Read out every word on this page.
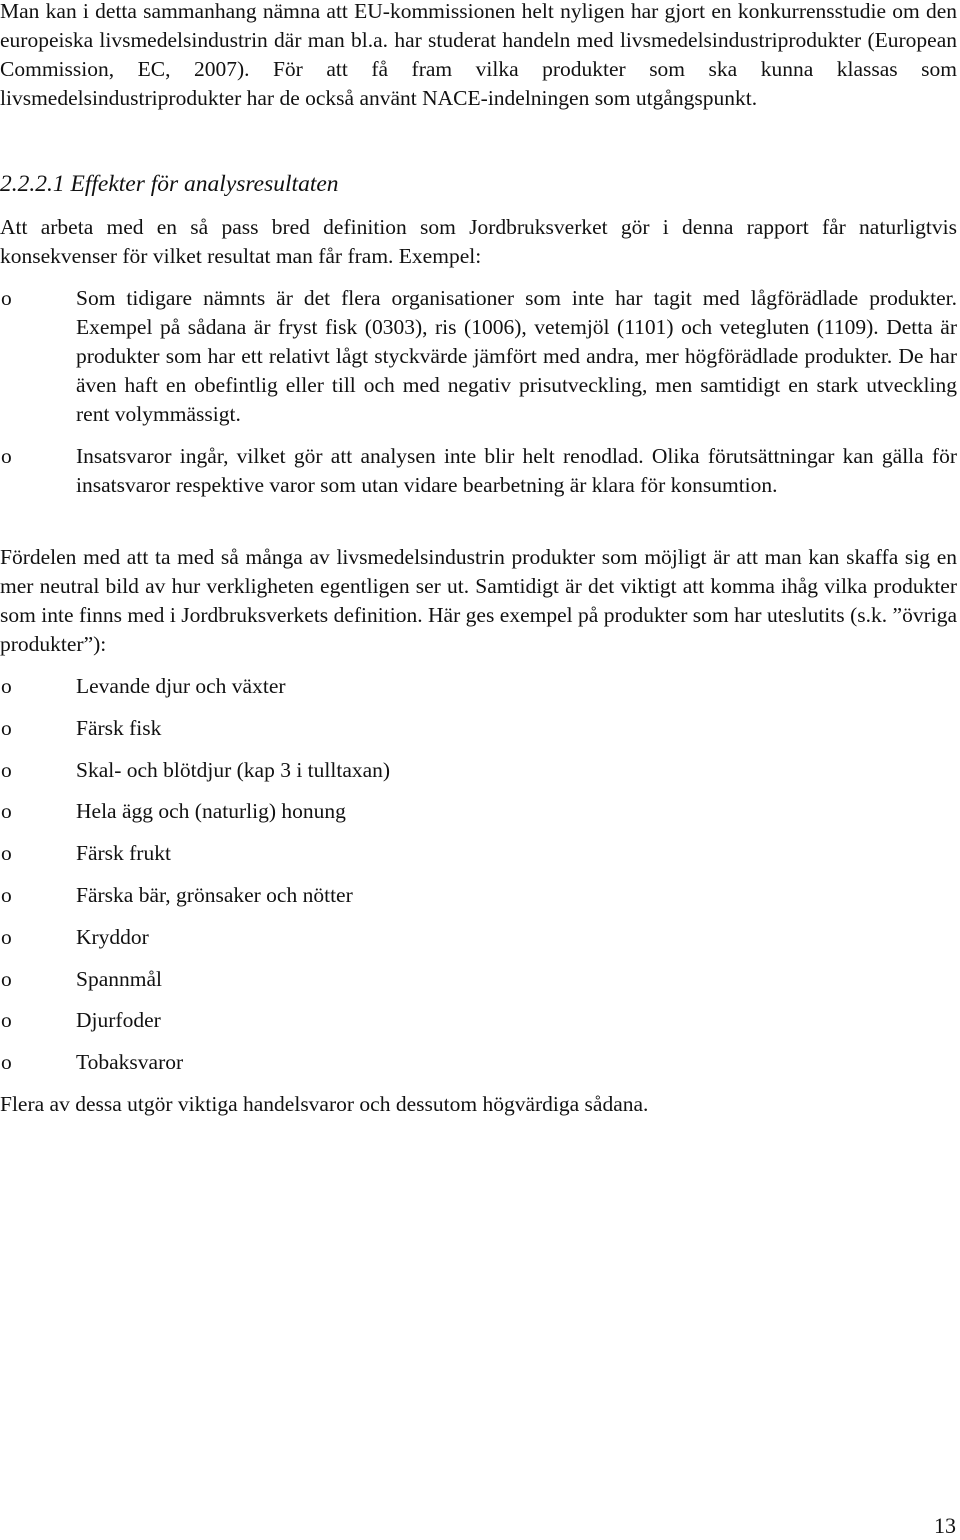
Man kan i detta sammanhang nämna att EU-kommissionen helt nyligen har gjort en konkurrensstudie om den europeiska livsmedelsindustrin där man bl.a. har studerat handeln med livsmedelsindustriprodukter (European Commission, EC, 2007). För att få fram vilka produkter som ska kunna klassas som livsmedelsindustriprodukter har de också använt NACE-indelningen som utgångspunkt.

2.2.2.1 Effekter för analysresultaten

Att arbeta med en så pass bred definition som Jordbruksverket gör i denna rapport får naturligtvis konsekvenser för vilket resultat man får fram. Exempel:

o	Som tidigare nämnts är det flera organisationer som inte har tagit med lågförädlade produkter. Exempel på sådana är fryst fisk (0303), ris (1006), vetemjöl (1101) och vetegluten (1109). Detta är produkter som har ett relativt lågt styckvärde jämfört med andra, mer högförädlade produkter. De har även haft en obefintlig eller till och med negativ prisutveckling, men samtidigt en stark utveckling rent volymmässigt.
o	Insatsvaror ingår, vilket gör att analysen inte blir helt renodlad. Olika förutsättningar kan gälla för insatsvaror respektive varor som utan vidare bearbetning är klara för konsumtion.

Fördelen med att ta med så många av livsmedelsindustrin produkter som möjligt är att man kan skaffa sig en mer neutral bild av hur verkligheten egentligen ser ut. Samtidigt är det viktigt att komma ihåg vilka produkter som inte finns med i Jordbruksverkets definition. Här ges exempel på produkter som har uteslutits (s.k. ”övriga produkter”):

o	Levande djur och växter
o	Färsk fisk
o	Skal- och blötdjur (kap 3 i tulltaxan)
o	Hela ägg och (naturlig) honung
o	Färsk frukt
o	Färska bär, grönsaker och nötter
o	Kryddor
o	Spannmål
o	Djurfoder
o	Tobaksvaror

Flera av dessa utgör viktiga handelsvaror och dessutom högvärdiga sådana.

13
